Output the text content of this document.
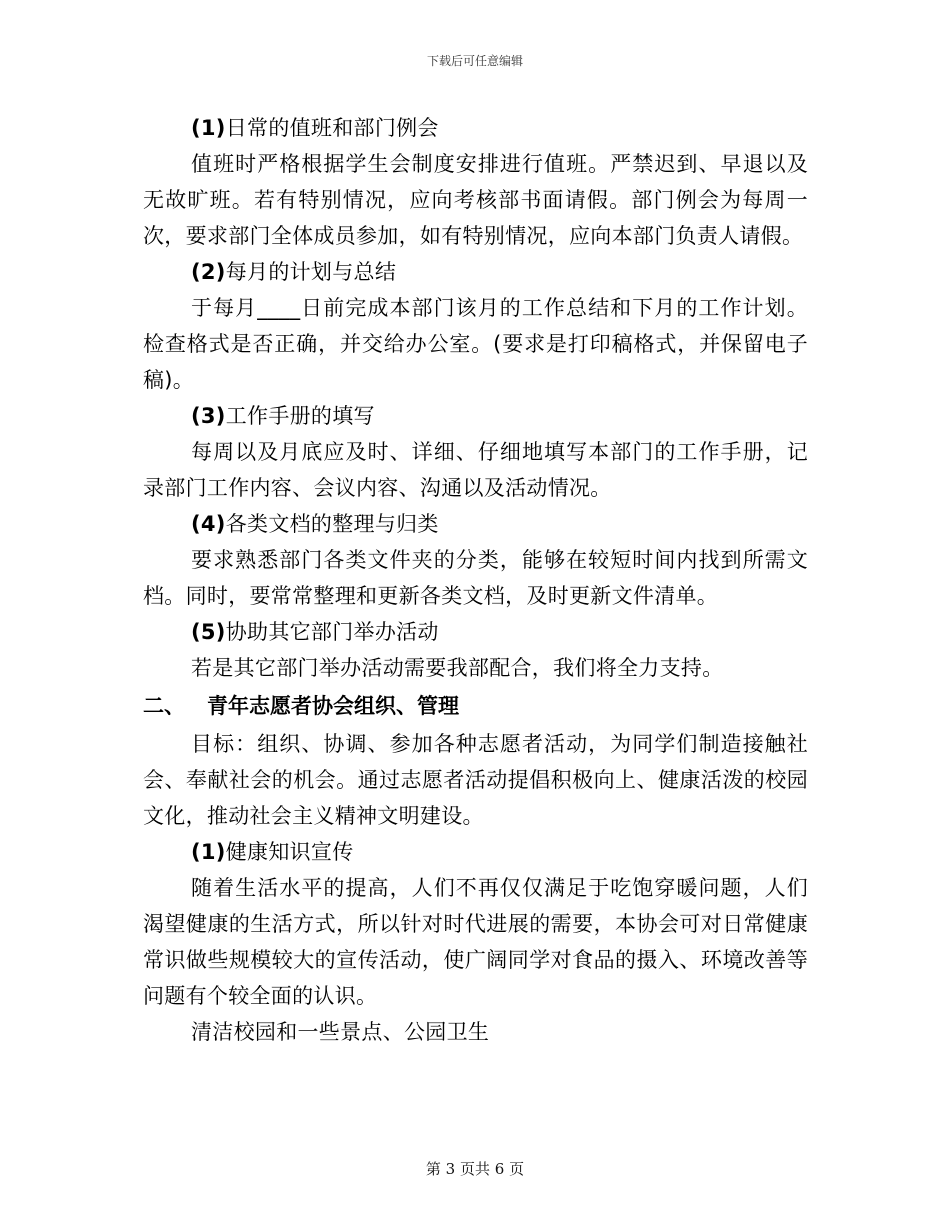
下载后可任意编辑

(1)日常的值班和部门例会

值班时严格根据学生会制度安排进行值班。严禁迟到、早退以及无故旷班。若有特别情况，应向考核部书面请假。部门例会为每周一次，要求部门全体成员参加，如有特别情况，应向本部门负责人请假。

(2)每月的计划与总结

于每月____日前完成本部门该月的工作总结和下月的工作计划。检查格式是否正确，并交给办公室。(要求是打印稿格式，并保留电子稿)。

(3)工作手册的填写

每周以及月底应及时、详细、仔细地填写本部门的工作手册，记录部门工作内容、会议内容、沟通以及活动情况。

(4)各类文档的整理与归类

要求熟悉部门各类文件夹的分类，能够在较短时间内找到所需文档。同时，要常常整理和更新各类文档，及时更新文件清单。

(5)协助其它部门举办活动

若是其它部门举办活动需要我部配合，我们将全力支持。

二、 青年志愿者协会组织、管理

目标：组织、协调、参加各种志愿者活动，为同学们制造接触社会、奉献社会的机会。通过志愿者活动提倡积极向上、健康活泼的校园文化，推动社会主义精神文明建设。

(1)健康知识宣传

随着生活水平的提高，人们不再仅仅满足于吃饱穿暖问题，人们渴望健康的生活方式，所以针对时代进展的需要，本协会可对日常健康常识做些规模较大的宣传活动，使广阔同学对食品的摄入、环境改善等问题有个较全面的认识。

清洁校园和一些景点、公园卫生

第 3 页共 6 页
